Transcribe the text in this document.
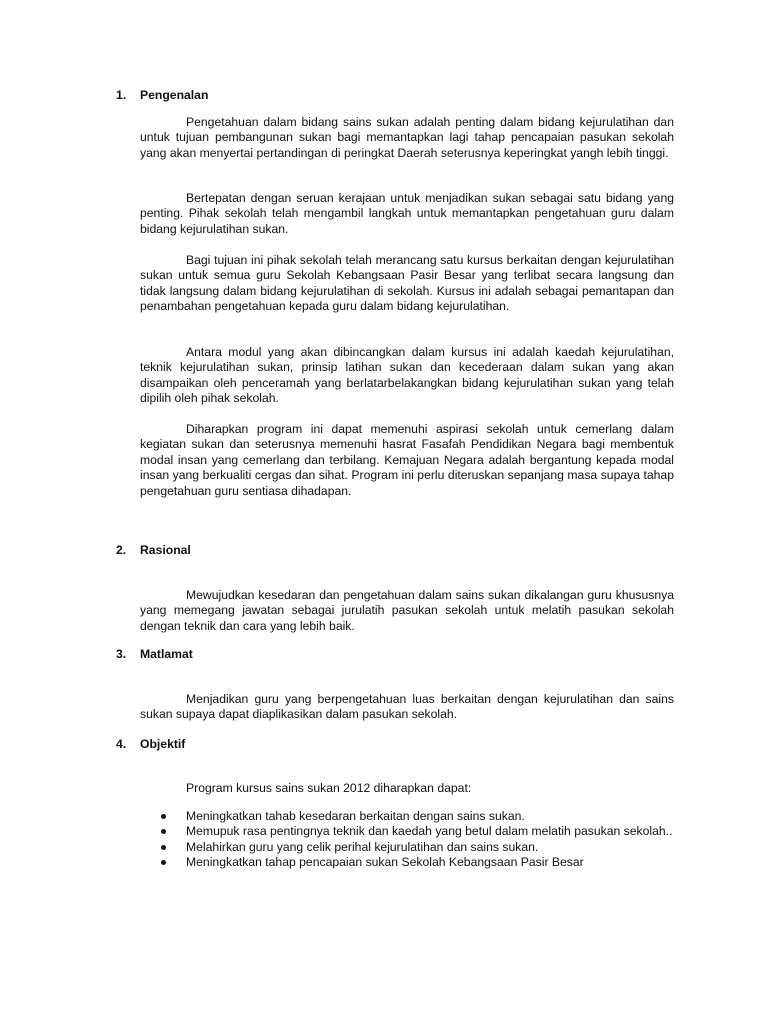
1. Pengenalan

Pengetahuan dalam bidang sains sukan adalah penting dalam bidang kejurulatihan dan untuk tujuan pembangunan sukan bagi memantapkan lagi tahap pencapaian pasukan sekolah yang akan menyertai pertandingan di peringkat Daerah seterusnya keperingkat yangh lebih tinggi.

Bertepatan dengan seruan kerajaan untuk menjadikan sukan sebagai satu bidang yang penting. Pihak sekolah telah mengambil langkah untuk memantapkan pengetahuan guru dalam bidang kejurulatihan sukan.

Bagi tujuan ini pihak sekolah telah merancang satu kursus berkaitan dengan kejurulatihan sukan untuk semua guru Sekolah Kebangsaan Pasir Besar yang terlibat secara langsung dan tidak langsung dalam bidang kejurulatihan di sekolah. Kursus ini adalah sebagai pemantapan dan penambahan pengetahuan kepada guru dalam bidang kejurulatihan.

Antara modul yang akan dibincangkan dalam kursus ini adalah kaedah kejurulatihan, teknik kejurulatihan sukan, prinsip latihan sukan dan kecederaan dalam sukan yang akan disampaikan oleh penceramah yang berlatarbelakangkan bidang kejurulatihan sukan yang telah dipilih oleh pihak sekolah.

Diharapkan program ini dapat memenuhi aspirasi sekolah untuk cemerlang dalam kegiatan sukan dan seterusnya memenuhi hasrat Fasafah Pendidikan Negara bagi membentuk modal insan yang cemerlang dan terbilang. Kemajuan Negara adalah bergantung kepada modal insan yang berkualiti cergas dan sihat. Program ini perlu diteruskan sepanjang masa supaya tahap pengetahuan guru sentiasa dihadapan.

2. Rasional

Mewujudkan kesedaran dan pengetahuan dalam sains sukan dikalangan guru khususnya yang memegang jawatan sebagai jurulatih pasukan sekolah untuk melatih pasukan sekolah dengan teknik dan cara yang lebih baik.

3. Matlamat

Menjadikan guru yang berpengetahuan luas berkaitan dengan kejurulatihan dan sains sukan supaya dapat diaplikasikan dalam pasukan sekolah.

4. Objektif
Program kursus sains sukan 2012 diharapkan dapat:
Meningkatkan tahab kesedaran berkaitan dengan sains sukan.
Memupuk rasa pentingnya teknik dan kaedah yang betul dalam melatih pasukan sekolah..
Melahirkan guru yang celik perihal kejurulatihan dan sains sukan.
Meningkatkan tahap pencapaian sukan Sekolah Kebangsaan Pasir Besar
